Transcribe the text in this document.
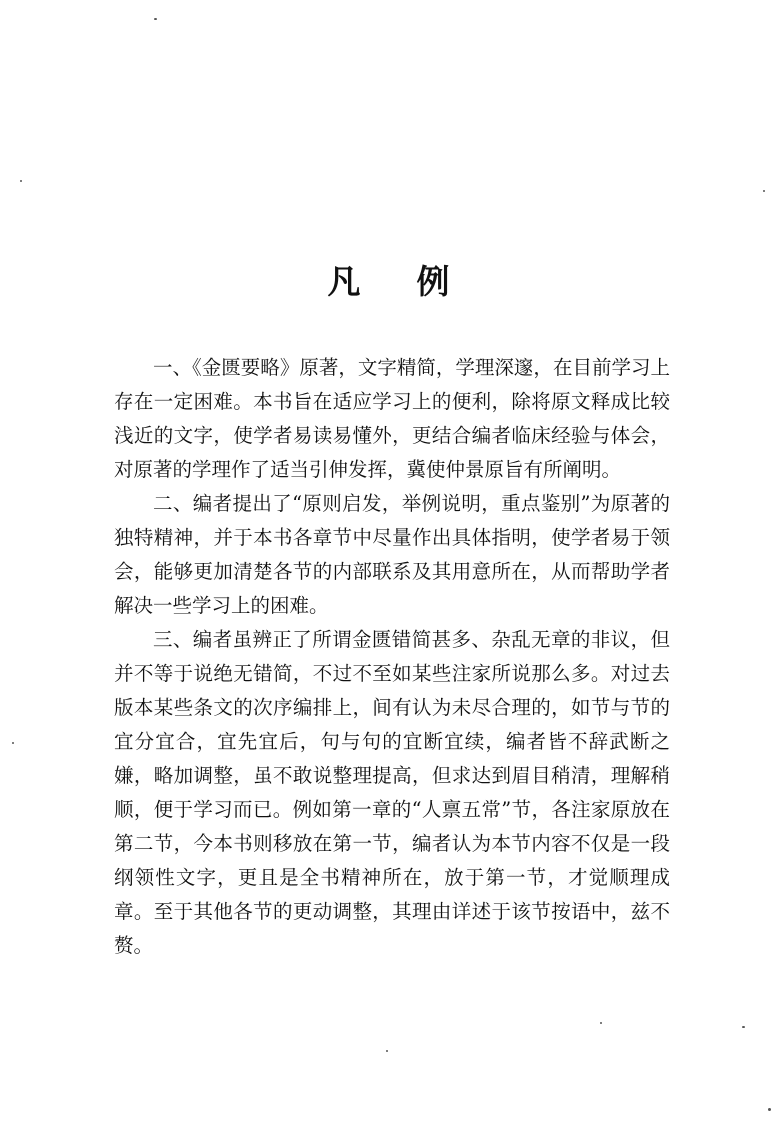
凡 例

一、《金匮要略》原著，文字精简，学理深邃，在目前学习上存在一定困难。本书旨在适应学习上的便利，除将原文释成比较浅近的文字，使学者易读易懂外，更结合编者临床经验与体会，对原著的学理作了适当引伸发挥，冀使仲景原旨有所阐明。

二、编者提出了“原则启发，举例说明，重点鉴别”为原著的独特精神，并于本书各章节中尽量作出具体指明，使学者易于领会，能够更加清楚各节的内部联系及其用意所在，从而帮助学者解决一些学习上的困难。

三、编者虽辨正了所谓金匮错简甚多、杂乱无章的非议，但并不等于说绝无错简，不过不至如某些注家所说那么多。对过去版本某些条文的次序编排上，间有认为未尽合理的，如节与节的宜分宜合，宜先宜后，句与句的宜断宜续，编者皆不辞武断之嫌，略加调整，虽不敢说整理提高，但求达到眉目稍清，理解稍顺，便于学习而已。例如第一章的“人禀五常”节，各注家原放在第二节，今本书则移放在第一节，编者认为本节内容不仅是一段纲领性文字，更且是全书精神所在，放于第一节，才觉顺理成章。至于其他各节的更动调整，其理由详述于该节按语中，兹不赘。
